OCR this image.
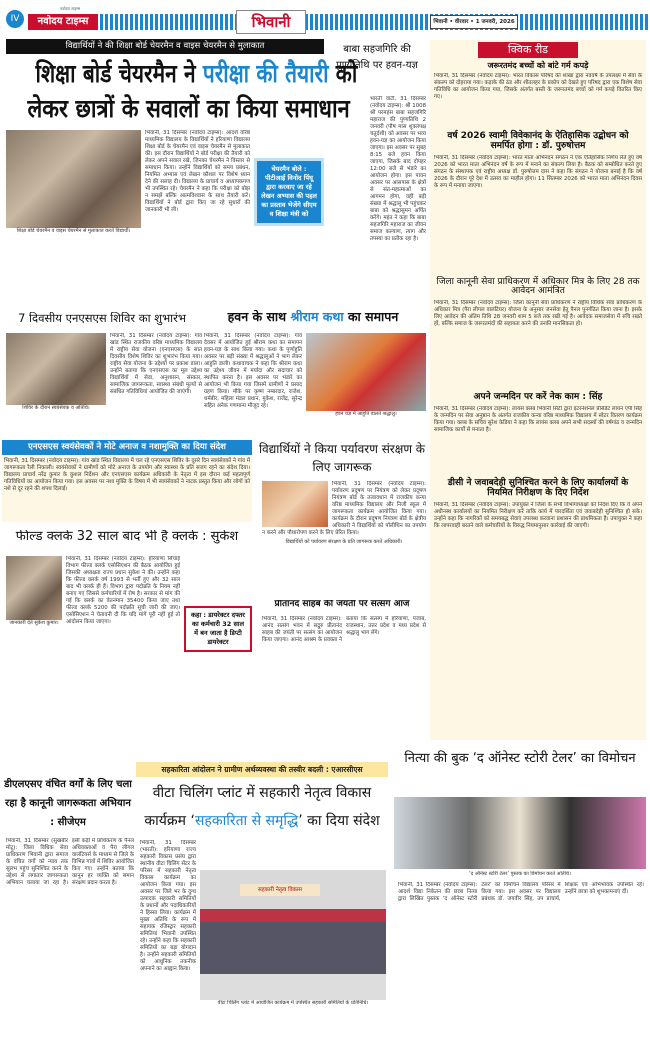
IV
नवोदय टाइम्स
नवोदय टाइम्स	भिवानी	भिवानी • वीरवार • 1 जनवरी, 2026
विद्यार्थियों ने की शिक्षा बोर्ड चेयरमैन व वाइस चेयरमैन से मुलाकात
शिक्षा बोर्ड चेयरमैन ने परीक्षा की तैयारी को
लेकर छात्रों के सवालों का किया समाधान
शिक्षा बोर्ड चेयरमैन व वाइस चेयरमैन से मुलाकात करते विद्यार्थी।
चेयरमैन बोले : पीटीआई विनोद पिंघू द्वारा करवाए जा रहे लेखन अभ्यास की पहल का प्रस्ताव भेजेंगे सीएम व शिक्षा मंत्री को
भिवानी, 31 दिसम्बर (नवोदय टाइम्स): आदर्श वरिष्ठ माध्यमिक विद्यालय के विद्यार्थियों ने हरियाणा विद्यालय शिक्षा बोर्ड के चेयरमैन एवं वाइस चेयरमैन से मुलाकात की। इस दौरान विद्यार्थियों ने बोर्ड परीक्षा की तैयारी को लेकर अपने सवाल रखे, जिनका चेयरमैन ने विस्तार से समाधान किया। उन्होंने विद्यार्थियों को समय प्रबंधन, नियमित अभ्यास एवं लेखन कौशल पर विशेष ध्यान देने की सलाह दी। विद्यालय के प्राचार्य व अध्यापकगण भी उपस्थित रहे। चेयरमैन ने कहा कि परीक्षा को बोझ न समझें बल्कि आत्मविश्वास के साथ तैयारी करें। विद्यार्थियों ने बोर्ड द्वारा किए जा रहे सुधारों की जानकारी भी ली।
बाबा सहजगिरि की पुण्यतिथि पर हवन-यज्ञ
भारती वाटी, 31 दिसम्बर (नवोदय टाइम्स): श्री 1008 श्री परमहंस बाबा सहजगिरि महाराज की पुण्यतिथि 2 जनवरी (पौष मास शुक्लपक्ष चतुर्दशी) को अवसर पर भव्य हवन-यज्ञ का आयोजन किया जाएगा। इस अवसर पर सुबह 8:15 बजे हवन किया जाएगा, जिसके बाद दोपहर 12:00 बजे से भंडारे का आयोजन होगा। इस पावन अवसर पर आसपास के क्षेत्रों से संत-महात्माओं का आगमन होगा, वहीं बड़ी संख्या में श्रद्धालु भी पहुंचकर बाबा को श्रद्धासुमन अर्पित करेंगे। महंत ने कहा कि बाबा सहजगिरि महाराज का जीवन समाज कल्याण, त्याग और तपस्या का प्रतीक रहा है।
क्विक रीड
जरूरतमंद बच्चों को बांटे गर्म कपड़े
भिवानी, 31 दिसम्बर (नवोदय टाइम्स): भारत विकास परिषद की शाखा द्वारा नववर्ष के उपलक्ष्य में सेवा के संकल्प को दोहराया गया। कड़ाके की ठंड और शीतलहर के प्रकोप को देखते हुए परिषद द्वारा एक विशेष सेवा गतिविधि का आयोजन किया गया, जिसके अंतर्गत बस्ती के जरूरतमंद बच्चों को गर्म कपड़े वितरित किए गए।
वर्ष 2026 स्वामी विवेकानंद के ऐतिहासिक उद्बोधन को समर्पित होगा : डॉ. पुरुषोत्तम
भिवानी, 31 दिसम्बर (नवोदय टाइम्स): भारत माता अभिनंदन संगठन ने एक ऐतिहासिक निर्णय लेते हुए वर्ष 2026 को भारत माता अभिनंदन वर्ष के रूप में मनाने का संकल्प लिया है। बैठक को सम्बोधित करते हुए संगठन के संस्थापक एवं राष्ट्रीय अध्यक्ष डॉ. पुरुषोत्तम दास ने कहा कि संगठन ने योजना बनाई है कि वर्ष 2026 के दौरान पूरे देश में उत्सव का माहौल होगा। 11 सितम्बर 2026 को भारत माता अभिनंदन दिवस के रूप में मनाया जाएगा।
जिला कानूनी सेवा प्राधिकरण में अधिकार मित्र के लिए 28 तक आवेदन आमंत्रित
भिवानी, 31 दिसम्बर (नवोदय टाइम्स): जिला कानूनी सेवा प्राधिकरण ने राष्ट्रीय विधिक सेवा प्राधिकरण के अधिकार मित्र (पैरा लीगल वालंटियर) योजना के अनुसार जनसेवा हेतु पैनल पुनर्गठित किया जाना है। इसके लिए आवेदन की अंतिम तिथि 28 जनवरी शाम 5 बजे तक रखी गई है। आवेदक समाजसेवा में रुचि रखते हों, बल्कि समाज के जरूरतमंदों की सहायता करने की उनकी मानसिकता हो।
अपने जन्मदिन पर करें नेक काम : सिंह
भिवानी, 31 दिसम्बर (नवोदय टाइम्स): लायंस क्लब भिवानी सिटी द्वारा इंटरनेशनल प्रेसिडेंट लायन एपी सिंह के जन्मदिन पर सेवा अनुष्ठान के अंतर्गत राजकीय कन्या वरिष्ठ माध्यमिक विद्यालय में स्वेटर वितरण कार्यक्रम किया गया। क्लब के सचिव सुरेश केडिया ने कहा कि लायंस क्लब अपने सभी सदस्यों की वर्षगांठ व जन्मदिन सामाजिक कार्यों से मनाता है।
डीसी ने जवाबदेही सुनिश्चित करने के लिए कार्यालयों के नियमित निरीक्षण के दिए निर्देश
भिवानी, 31 दिसम्बर (नवोदय टाइम्स): उपायुक्त ने जिला के सभी विभागाध्यक्षों को निर्देश दिए कि वे अपने अधीनस्थ कार्यालयों का नियमित निरीक्षण करें ताकि कार्य में पारदर्शिता एवं जवाबदेही सुनिश्चित हो सके। उन्होंने कहा कि नागरिकों को समयबद्ध सेवाएं उपलब्ध करवाना प्रशासन की प्राथमिकता है। उपायुक्त ने कहा कि लापरवाही बरतने वाले कर्मचारियों के विरुद्ध नियमानुसार कार्रवाई की जाएगी।
7 दिवसीय एनएसएस शिविर का शुभारंभ
शिविर के दौरान स्वयंसेवक व अतिथि।
भिवानी, 31 दिसम्बर (नवोदय टाइम्स): गांव खांड स्थित राजकीय वरिष्ठ माध्यमिक विद्यालय में राष्ट्रीय सेवा योजना (एनएसएस) के सात दिवसीय विशेष शिविर का शुभारंभ किया गया। राष्ट्रीय सेवा योजना के उद्देश्यों पर प्रकाश डाला। उन्होंने बताया कि एनएसएस का मूल उद्देश्य विद्यार्थियों में सेवा, अनुशासन, संस्कार, सामाजिक जागरूकता, स्वास्थ्य संबंधी मूल्यों से संबंधित गतिविधियां आयोजित की जाएंगी।
हवन के साथ श्रीराम कथा का समापन
हवन यज्ञ में आहुति डालते श्रद्धालु।
भिवानी, 31 दिसम्बर (नवोदय टाइम्स): गांव देवसर में आयोजित हुई श्रीराम कथा का समापन हवन-यज्ञ के साथ किया गया। कथा के पूर्णाहुति अवसर पर बड़ी संख्या में श्रद्धालुओं ने भाग लेकर आहुति डाली। कथावाचक ने कहा कि श्रीराम कथा का उद्देश्य जीवन में मर्यादा और सदाचार को स्थापित करना है। इस अवसर पर भंडारे का आयोजन भी किया गया जिसमें ग्रामीणों ने प्रसाद ग्रहण किया। मौके पर कृष्ण नम्बरदार, राजेश, धर्मबीर, महिला मंडल प्रधान, मुकेश, राजेंद्र, सुरेन्द्र सहित अनेक गणमान्य मौजूद रहे।
एनएसएस स्वयंसेवकों ने मोटे अनाज व नशामुक्ति का दिया संदेश
भिवानी, 31 दिसम्बर (नवोदय टाइम्स): गांव खांड स्थित विद्यालय में चल रहे एनएसएस शिविर के दूसरे दिन स्वयंसेवकों ने गांव में जागरूकता रैली निकाली। स्वयंसेवकों ने ग्रामीणों को मोटे अनाज के उपयोग और स्वास्थ्य के प्रति सजग रहने का संदेश दिया। विद्यालय प्राचार्य नरेंद्र कुमार के कुशल निर्देशन और एनएसएस कार्यक्रम अधिकारी के नेतृत्व में इस दौरान कई महत्वपूर्ण गतिविधियों का आयोजन किया गया। इस अवसर पर नशा मुक्ति के विषय में भी स्वयंसेवकों ने नाटक प्रस्तुत किया और लोगों को नशे से दूर रहने की शपथ दिलाई।
विद्यार्थियों ने किया पर्यावरण संरक्षण के लिए जागरूक
भिवानी, 31 दिसम्बर (नवोदय टाइम्स): पर्यावरण प्रदूषण पर नियंत्रण को लेकर प्रदूषण नियंत्रण बोर्ड के तत्वावधान में राजकीय कन्या वरिष्ठ माध्यमिक विद्यालय और निजी स्कूल में जागरूकता कार्यक्रम आयोजित किया गया। कार्यक्रम के दौरान प्रदूषण नियंत्रण बोर्ड के क्षेत्रीय अधिकारी ने विद्यार्थियों को पॉलीथिन का उपयोग न करने और पौधारोपण करने के लिए प्रेरित किया।
विद्यार्थियों को पर्यावरण संरक्षण के प्रति जागरूक करते अधिकारी।
फील्ड क्लर्क 32 साल बाद भी हैं क्लर्क : सुकेश
जानकारी देते सुकेश कुमार।
कहा : डायरेक्टर दफ्तर का कर्मचारी 32 साल में बन जाता है डिप्टी डायरेक्टर
भिवानी, 31 दिसम्बर (नवोदय टाइम्स): हरियाणा सिंचाई विभाग फील्ड क्लर्क एसोसिएशन की बैठक आयोजित हुई जिसकी अध्यक्षता राज्य प्रधान सुकेश ने की। उन्होंने कहा कि फील्ड क्लर्क वर्ष 1993 से भर्ती हुए और 32 साल बाद भी क्लर्क ही हैं। विभाग द्वारा पदोन्नति के नियम नहीं बनाए गए जिससे कर्मचारियों में रोष है। सरकार से मांग की गई कि क्लर्क का वेतनमान 35400 किया जाए तथा फील्ड क्लर्क 5200 की पदोन्नति सूची जारी की जाए। एसोसिएशन ने चेतावनी दी कि यदि मांगें पूरी नहीं हुई तो आंदोलन किया जाएगा।
प्रीतानंद साहब की जयंती पर सत्संग आज
भिवानी, 31 दिसम्बर (नवोदय टाइम्स): आनंद सत्संग भवन में सद्गुरु प्रीतानंद साहब की जयंती पर सत्संग का आयोजन किया जाएगा। आनंद आश्रम के प्रवक्ता ने बताया कि सत्संग में हरियाणा, पंजाब, राजस्थान, उत्तर प्रदेश व मध्य प्रदेश से श्रद्धालु भाग लेंगे।
डीएलएसए वंचित वर्गों के लिए चला रहा है कानूनी जागरूकता अभियान : सीजेएम
भिवानी, 31 दिसम्बर (सुखबीर मोटू): जिला विधिक सेवा प्राधिकरण भिवानी द्वारा समाज के वंचित वर्गों को न्याय तक सुलभ पहुंच सुनिश्चित करने के उद्देश्य से लगातार जागरूकता अभियान चलाया जा रहा है। इसी कड़ी में प्राधिकरण के पैनल अधिवक्ताओं व पैरा लीगल वालंटियर्स के माध्यम से जिले के विभिन्न गांवों में शिविर आयोजित किए गए। उन्होंने बताया कि कानून हर व्यक्ति को समान संरक्षण प्रदान करता है।
सहकारिता आंदोलन ने ग्रामीण अर्थव्यवस्था की तस्वीर बदली : एआरसीएस
वीटा चिलिंग प्लांट में सहकारी नेतृत्व विकास
कार्यक्रम ‘सहकारिता से समृद्धि’ का दिया संदेश
सहकारी नेतृत्व विकास
वीटा चिलिंग प्लांट में आयोजित कार्यक्रम में उपस्थित सहकारी समितियों के प्रतिनिधि।
भिवानी, 31 दिसम्बर (भारती): हरियाणा राज्य सहकारी विकास प्रसंघ द्वारा स्थानीय वीटा चिलिंग सेंटर के परिसर में सहकारी नेतृत्व विकास कार्यक्रम का आयोजन किया गया। इस अवसर पर जिले भर के दुग्ध उत्पादक सहकारी समितियों के प्रधानों और पदाधिकारियों ने हिस्सा लिया। कार्यक्रम में मुख्य अतिथि के रूप में सहायक रजिस्ट्रार सहकारी समितियां भिवानी उपस्थित रहे। उन्होंने कहा कि सहकारी समितियों का बड़ा योगदान है। उन्होंने सहकारी समितियों को आधुनिक तकनीक अपनाने का आह्वान किया।
नित्या की बुक ‘द ऑनेस्ट स्टोरी टेलर’ का विमोचन
‘द ऑनेस्ट स्टोरी टेलर’ पुस्तक का विमोचन करते अतिथि।
भिवानी, 31 दिसम्बर (नवोदय टाइम्स): आदर्श विद्या निकेतन की छात्रा नित्या द्वारा लिखित पुस्तक ‘द ऑनेस्ट स्टोरी टेलर’ का विमोचन विद्यालय परिसर में किया गया। इस अवसर पर विद्यालय प्रबंधक डॉ. जयवीर सिंह, उप प्राचार्य, शिक्षक एवं अभिभावक उपस्थित रहे। उन्होंने छात्रा को शुभकामनाएं दीं।
